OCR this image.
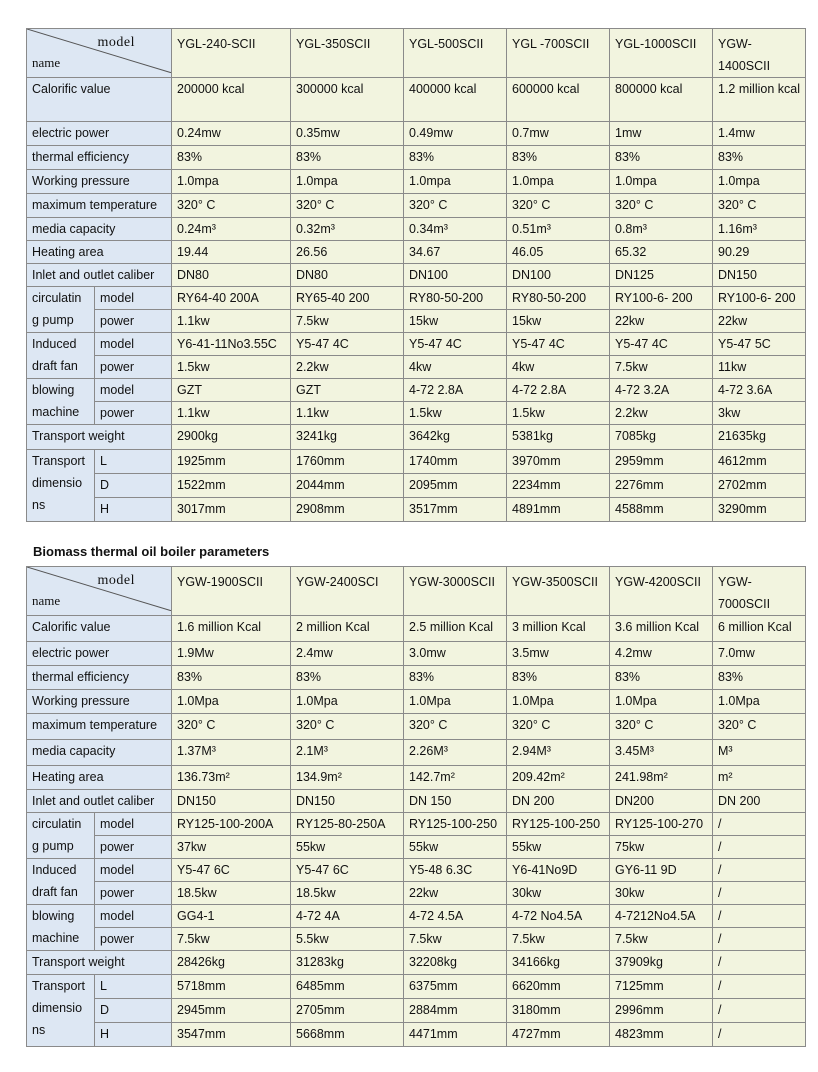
Biomass thermal oil boiler parameters
model
name		YGL-240-SCII	YGL-350SCII	YGL-500SCII	YGL -700SCII	YGL-1000SCII	YGW-1400SCII
Calorific value		200000 kcal	300000 kcal	400000 kcal	600000 kcal	800000 kcal	1.2 million kcal
electric power		0.24mw	0.35mw	0.49mw	0.7mw	1mw	1.4mw
thermal efficiency		83%	83%	83%	83%	83%	83%
Working pressure		1.0mpa	1.0mpa	1.0mpa	1.0mpa	1.0mpa	1.0mpa
maximum temperature		320° C	320° C	320° C	320° C	320° C	320° C
media capacity		0.24m³	0.32m³	0.34m³	0.51m³	0.8m³	1.16m³
Heating area		19.44	26.56	34.67	46.05	65.32	90.29
Inlet and outlet caliber		DN80	DN80	DN100	DN100	DN125	DN150
circulatin g pump	model	RY64-40 200A	RY65-40 200	RY80-50-200	RY80-50-200	RY100-6- 200	RY100-6- 200
	power	1.1kw	7.5kw	15kw	15kw	22kw	22kw
Induced draft fan	model	Y6-41-11No3.55C	Y5-47 4C	Y5-47 4C	Y5-47 4C	Y5-47 4C	Y5-47 5C
	power	1.5kw	2.2kw	4kw	4kw	7.5kw	11kw
blowing machine	model	GZT	GZT	4-72 2.8A	4-72 2.8A	4-72 3.2A	4-72 3.6A
	power	1.1kw	1.1kw	1.5kw	1.5kw	2.2kw	3kw
Transport weight		2900kg	3241kg	3642kg	5381kg	7085kg	21635kg
Transport dimensio ns	L	1925mm	1760mm	1740mm	3970mm	2959mm	4612mm
	D	1522mm	2044mm	2095mm	2234mm	2276mm	2702mm
	H	3017mm	2908mm	3517mm	4891mm	4588mm	3290mm
model
name		YGW-1900SCII	YGW-2400SCI	YGW-3000SCII	YGW-3500SCII	YGW-4200SCII	YGW-7000SCII
Calorific value		1.6 million Kcal	2 million Kcal	2.5 million Kcal	3 million Kcal	3.6 million Kcal	6 million Kcal
electric power		1.9Mw	2.4mw	3.0mw	3.5mw	4.2mw	7.0mw
thermal efficiency		83%	83%	83%	83%	83%	83%
Working pressure		1.0Mpa	1.0Mpa	1.0Mpa	1.0Mpa	1.0Mpa	1.0Mpa
maximum temperature		320° C	320° C	320° C	320° C	320° C	320° C
media capacity		1.37M³	2.1M³	2.26M³	2.94M³	3.45M³	M³
Heating area		136.73m²	134.9m²	142.7m²	209.42m²	241.98m²	m²
Inlet and outlet caliber		DN150	DN150	DN 150	DN 200	DN200	DN 200
circulatin g pump	model	RY125-100-200A	RY125-80-250A	RY125-100-250	RY125-100-250	RY125-100-270	/
	power	37kw	55kw	55kw	55kw	75kw	/
Induced draft fan	model	Y5-47 6C	Y5-47 6C	Y5-48 6.3C	Y6-41No9D	GY6-11 9D	/
	power	18.5kw	18.5kw	22kw	30kw	30kw	/
blowing machine	model	GG4-1	4-72 4A	4-72 4.5A	4-72 No4.5A	4-7212No4.5A	/
	power	7.5kw	5.5kw	7.5kw	7.5kw	7.5kw	/
Transport weight		28426kg	31283kg	32208kg	34166kg	37909kg	/
Transport dimensio ns	L	5718mm	6485mm	6375mm	6620mm	7125mm	/
	D	2945mm	2705mm	2884mm	3180mm	2996mm	/
	H	3547mm	5668mm	4471mm	4727mm	4823mm	/
